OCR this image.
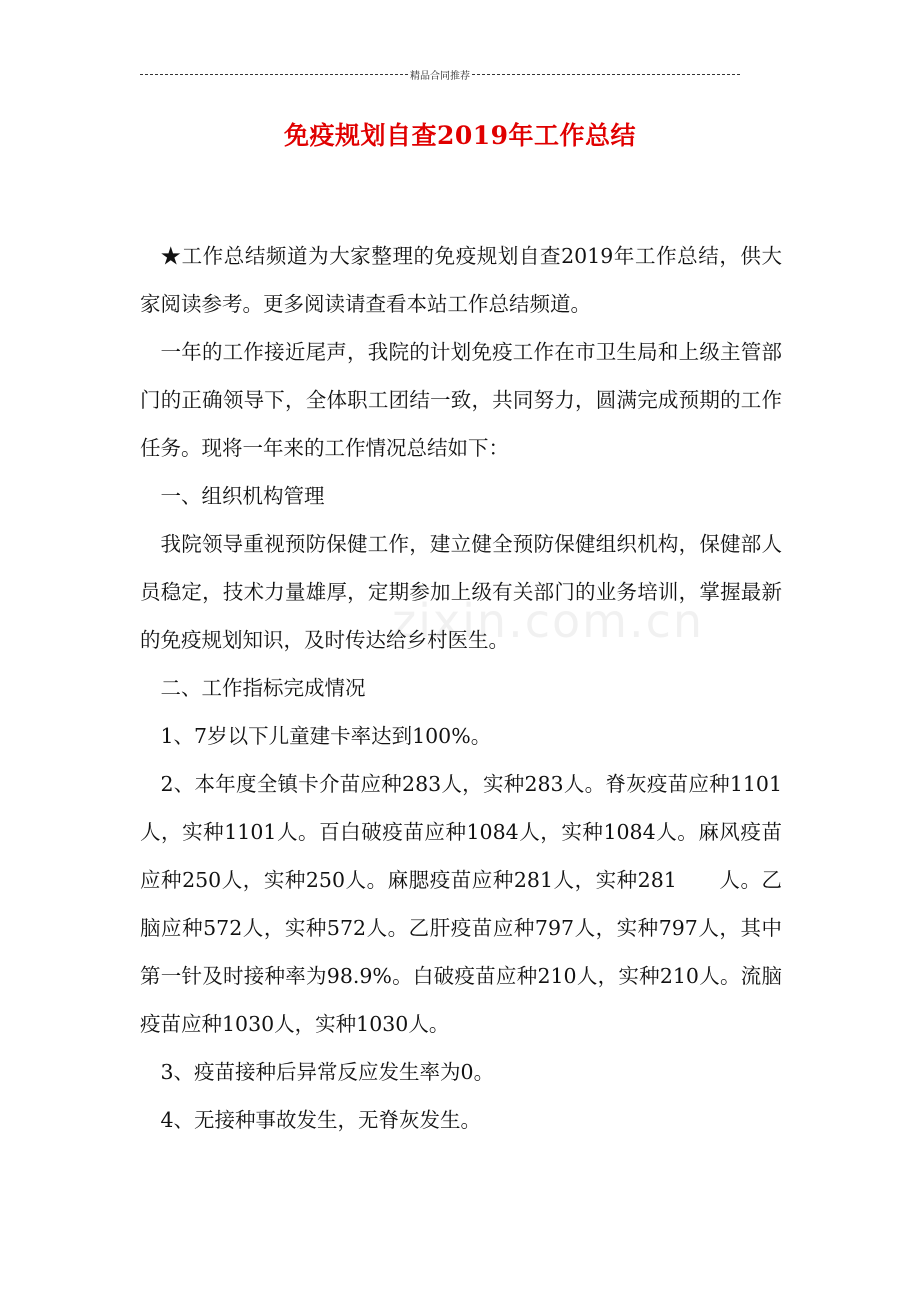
精品合同推荐
免疫规划自查2019年工作总结

★工作总结频道为大家整理的免疫规划自查2019年工作总结，供大家阅读参考。更多阅读请查看本站工作总结频道。

一年的工作接近尾声，我院的计划免疫工作在市卫生局和上级主管部门的正确领导下，全体职工团结一致，共同努力，圆满完成预期的工作任务。现将一年来的工作情况总结如下：

一、组织机构管理

我院领导重视预防保健工作，建立健全预防保健组织机构，保健部人员稳定，技术力量雄厚，定期参加上级有关部门的业务培训，掌握最新的免疫规划知识，及时传达给乡村医生。

二、工作指标完成情况

1、7岁以下儿童建卡率达到100%。

2、本年度全镇卡介苗应种283人，实种283人。脊灰疫苗应种1101人，实种1101人。百白破疫苗应种1084人，实种1084人。麻风疫苗应种250人，实种250人。麻腮疫苗应种281人，实种281　　人。乙脑应种572人，实种572人。乙肝疫苗应种797人，实种797人，其中第一针及时接种率为98.9%。白破疫苗应种210人，实种210人。流脑疫苗应种1030人，实种1030人。

3、疫苗接种后异常反应发生率为0。

4、无接种事故发生，无脊灰发生。

zixin.com.cn
